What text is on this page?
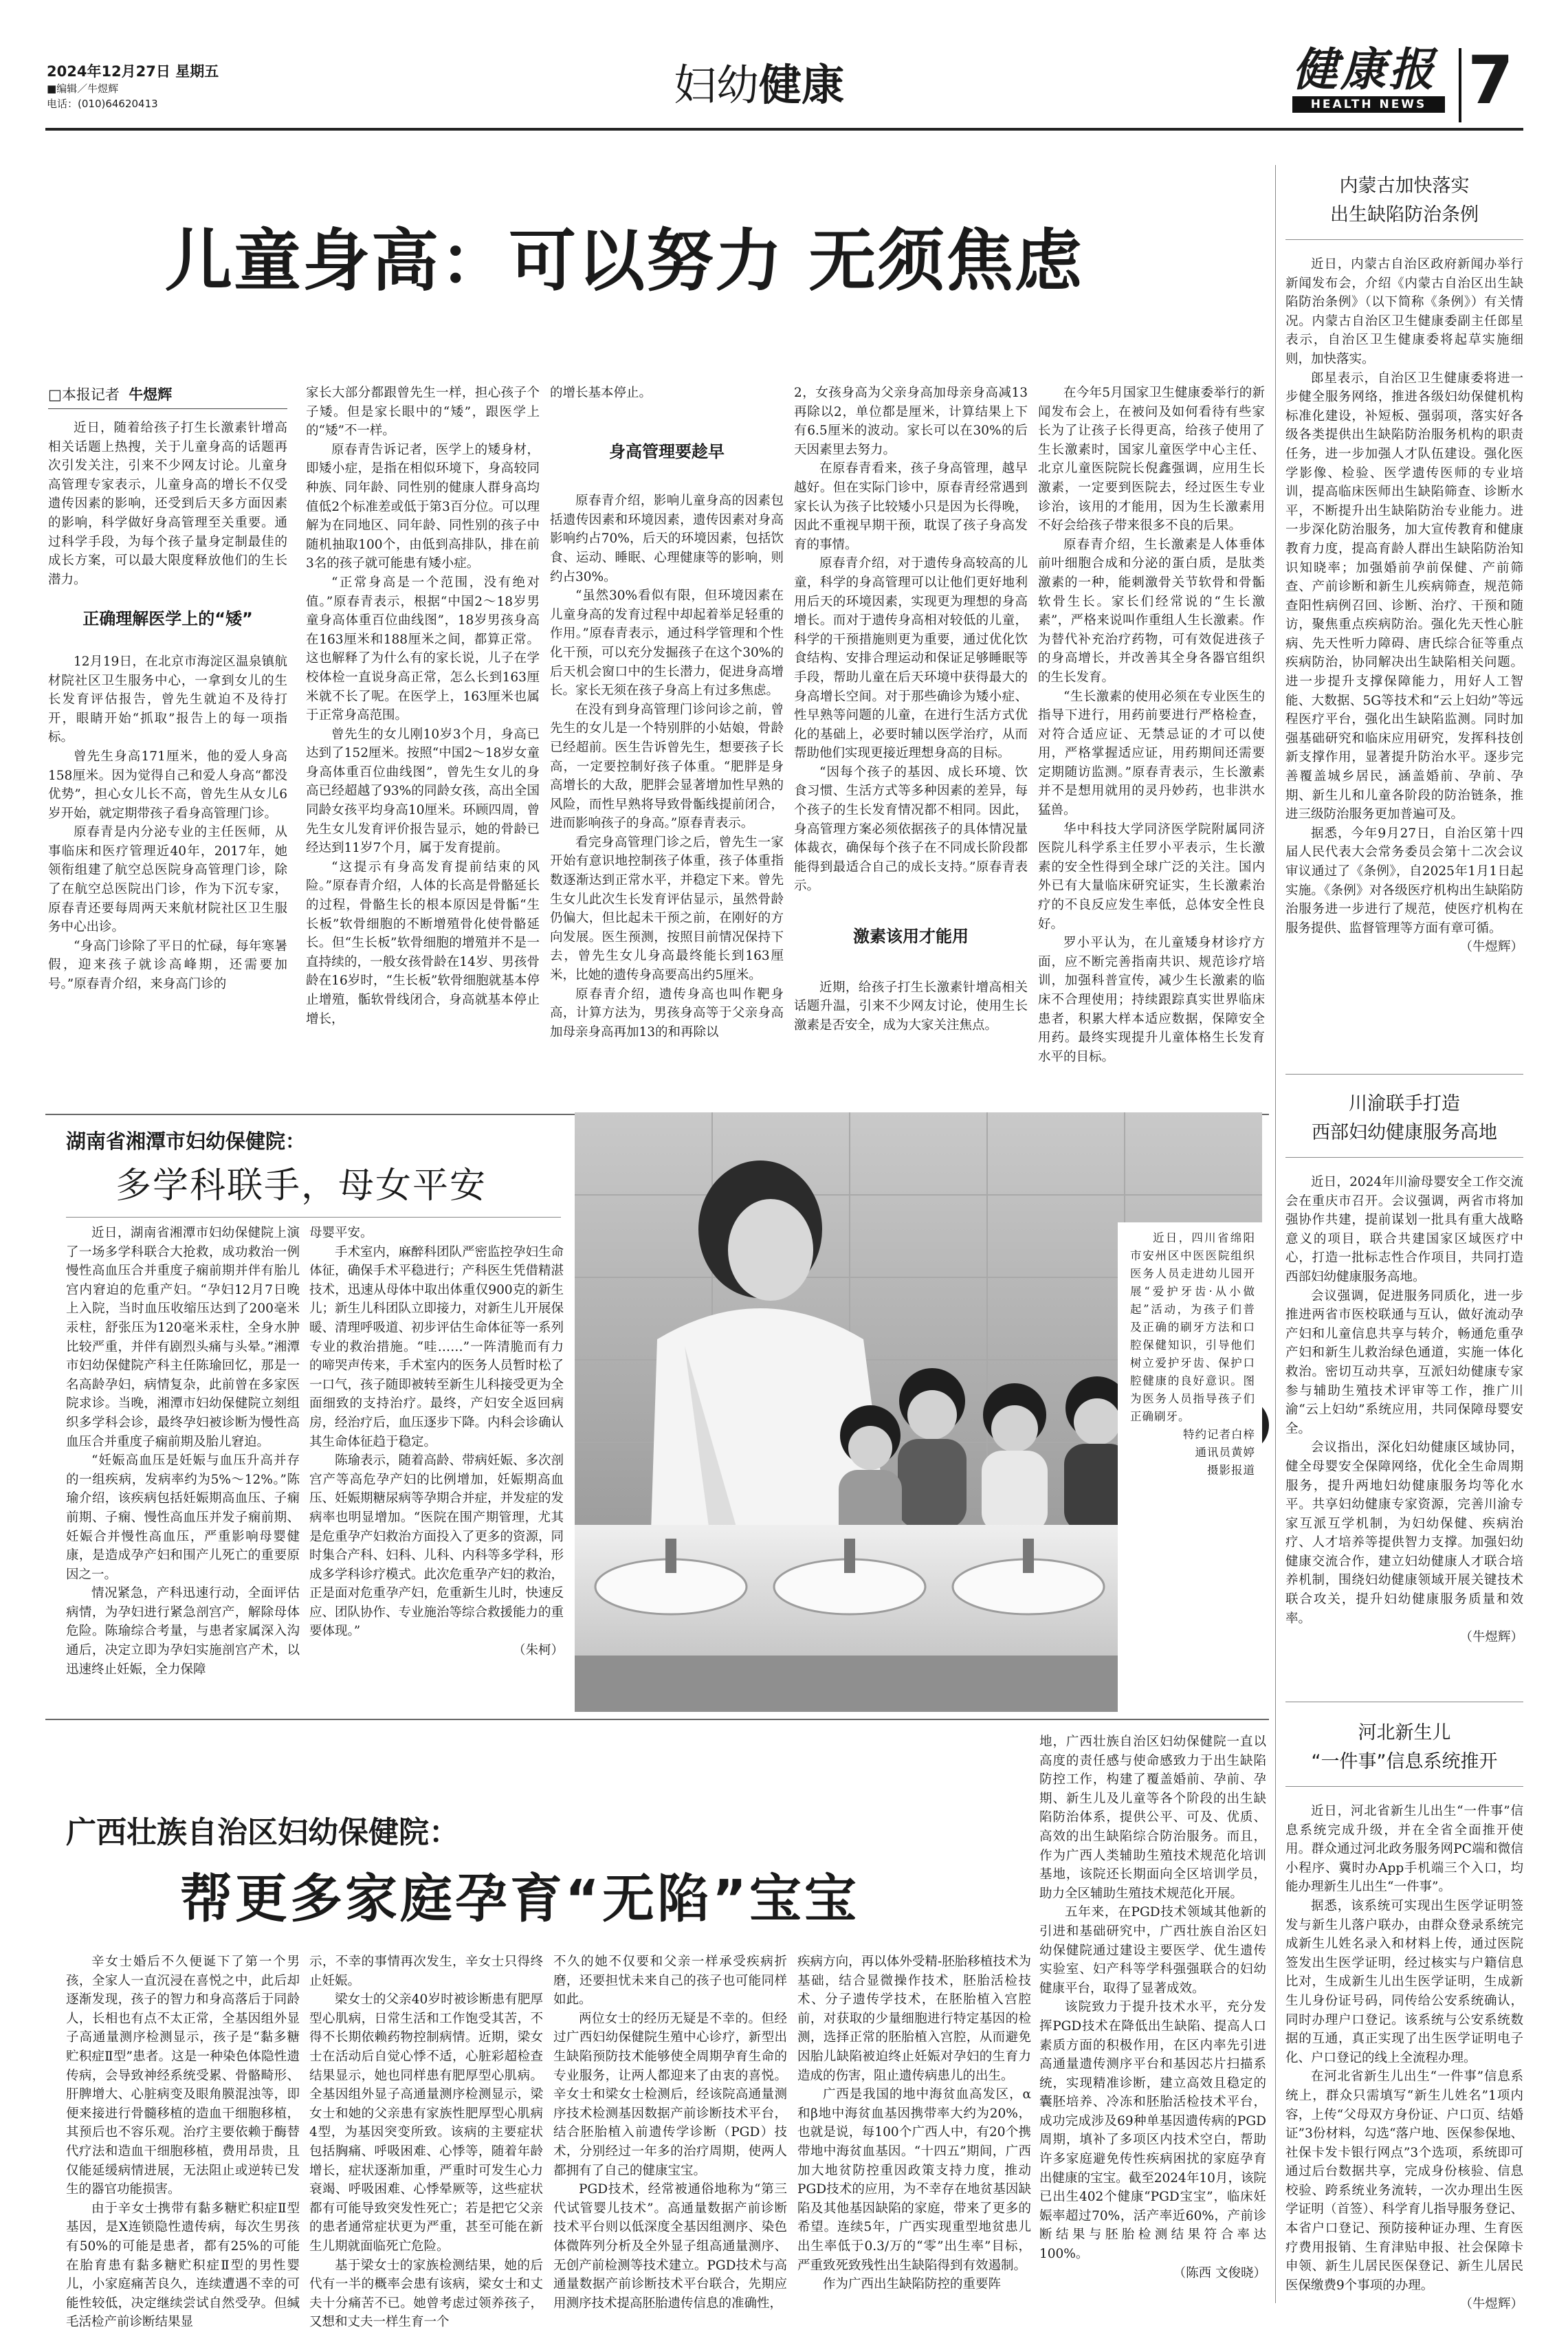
2024年12月27日 星期五
■编辑／牛煜辉
电话：(010)64620413	妇幼健康	健康报
HEALTH NEWS 7
儿童身高：可以努力 无须焦虑
□本报记者 牛煜辉

近日，随着给孩子打生长激素针增高相关话题上热搜，关于儿童身高的话题再次引发关注，引来不少网友讨论。儿童身高管理专家表示，儿童身高的增长不仅受遗传因素的影响，还受到后天多方面因素的影响，科学做好身高管理至关重要。通过科学手段，为每个孩子量身定制最佳的成长方案，可以最大限度释放他们的生长潜力。

正确理解医学上的“矮”

12月19日，在北京市海淀区温泉镇航材院社区卫生服务中心，一拿到女儿的生长发育评估报告，曾先生就迫不及待打开，眼睛开始“抓取”报告上的每一项指标。

曾先生身高171厘米，他的爱人身高158厘米。因为觉得自己和爱人身高“都没优势”，担心女儿长不高，曾先生从女儿6岁开始，就定期带孩子看身高管理门诊。

原春青是内分泌专业的主任医师，从事临床和医疗管理近40年，2017年，她领衔组建了航空总医院身高管理门诊，除了在航空总医院出门诊，作为下沉专家，原春青还要每周两天来航材院社区卫生服务中心出诊。

“身高门诊除了平日的忙碌，每年寒暑假，迎来孩子就诊高峰期，还需要加号。”原春青介绍，来身高门诊的

家长大部分都跟曾先生一样，担心孩子个子矮。但是家长眼中的“矮”，跟医学上的“矮”不一样。

原春青告诉记者，医学上的矮身材，即矮小症，是指在相似环境下，身高较同种族、同年龄、同性别的健康人群身高均值低2个标准差或低于第3百分位。可以理解为在同地区、同年龄、同性别的孩子中随机抽取100个，由低到高排队，排在前3名的孩子就可能患有矮小症。

“正常身高是一个范围，没有绝对值。”原春青表示，根据“中国2～18岁男童身高体重百位曲线图”，18岁男孩身高在163厘米和188厘米之间，都算正常。这也解释了为什么有的家长说，儿子在学校体检一直说身高正常，怎么长到163厘米就不长了呢。在医学上，163厘米也属于正常身高范围。

曾先生的女儿刚10岁3个月，身高已达到了152厘米。按照“中国2～18岁女童身高体重百位曲线图”，曾先生女儿的身高已经超越了93%的同龄女孩，高出全国同龄女孩平均身高10厘米。环顾四周，曾先生女儿发育评价报告显示，她的骨龄已经达到11岁7个月，属于发育提前。

“这提示有身高发育提前结束的风险。”原春青介绍，人体的长高是骨骼延长的过程，骨骼生长的根本原因是骨骺“生长板”软骨细胞的不断增殖骨化使骨骼延长。但“生长板”软骨细胞的增殖并不是一直持续的，一般女孩骨龄在14岁、男孩骨龄在16岁时，“生长板”软骨细胞就基本停止增殖，骺软骨线闭合，身高就基本停止增长，

的增长基本停止。

身高管理要趁早

原春青介绍，影响儿童身高的因素包括遗传因素和环境因素，遗传因素对身高影响约占70%，后天的环境因素，包括饮食、运动、睡眠、心理健康等的影响，则约占30%。

“虽然30%看似有限，但环境因素在儿童身高的发育过程中却起着举足轻重的作用。”原春青表示，通过科学管理和个性化干预，可以充分发掘孩子在这个30%的后天机会窗口中的生长潜力，促进身高增长。家长无须在孩子身高上有过多焦虑。

在没有到身高管理门诊问诊之前，曾先生的女儿是一个特别胖的小姑娘，骨龄已经超前。医生告诉曾先生，想要孩子长高，一定要控制好孩子体重。“肥胖是身高增长的大敌，肥胖会显著增加性早熟的风险，而性早熟将导致骨骺线提前闭合，进而影响孩子的身高。”原春青表示。

看完身高管理门诊之后，曾先生一家开始有意识地控制孩子体重，孩子体重指数逐渐达到正常水平，并稳定下来。曾先生女儿此次生长发育评估显示，虽然骨龄仍偏大，但比起未干预之前，在刚好的方向发展。医生预测，按照目前情况保持下去，曾先生女儿身高最终能长到163厘米，比她的遗传身高要高出约5厘米。

原春青介绍，遗传身高也叫作靶身高，计算方法为，男孩身高等于父亲身高加母亲身高再加13的和再除以

2，女孩身高为父亲身高加母亲身高减13再除以2，单位都是厘米，计算结果上下有6.5厘米的波动。家长可以在30%的后天因素里去努力。

在原春青看来，孩子身高管理，越早越好。但在实际门诊中，原春青经常遇到家长认为孩子比较矮小只是因为长得晚，因此不重视早期干预，耽误了孩子身高发育的事情。

原春青介绍，对于遗传身高较高的儿童，科学的身高管理可以让他们更好地利用后天的环境因素，实现更为理想的身高增长。而对于遗传身高相对较低的儿童，科学的干预措施则更为重要，通过优化饮食结构、安排合理运动和保证足够睡眠等手段，帮助儿童在后天环境中获得最大的身高增长空间。对于那些确诊为矮小症、性早熟等问题的儿童，在进行生活方式优化的基础上，必要时辅以医学治疗，从而帮助他们实现更接近理想身高的目标。

“因每个孩子的基因、成长环境、饮食习惯、生活方式等多种因素的差异，每个孩子的生长发育情况都不相同。因此，身高管理方案必须依据孩子的具体情况量体裁衣，确保每个孩子在不同成长阶段都能得到最适合自己的成长支持。”原春青表示。

激素该用才能用

近期，给孩子打生长激素针增高相关话题升温，引来不少网友讨论，使用生长激素是否安全，成为大家关注焦点。

在今年5月国家卫生健康委举行的新闻发布会上，在被问及如何看待有些家长为了让孩子长得更高，给孩子使用了生长激素时，国家儿童医学中心主任、北京儿童医院院长倪鑫强调，应用生长激素，一定要到医院去，经过医生专业诊治，该用的才能用，因为生长激素用不好会给孩子带来很多不良的后果。

原春青介绍，生长激素是人体垂体前叶细胞合成和分泌的蛋白质，是肽类激素的一种，能刺激骨关节软骨和骨骺软骨生长。家长们经常说的“生长激素”，严格来说叫作重组人生长激素。作为替代补充治疗药物，可有效促进孩子的身高增长，并改善其全身各器官组织的生长发育。

“生长激素的使用必须在专业医生的指导下进行，用药前要进行严格检查，对符合适应证、无禁忌证的才可以使用，严格掌握适应证，用药期间还需要定期随访监测。”原春青表示，生长激素并不是想用就用的灵丹妙药，也非洪水猛兽。

华中科技大学同济医学院附属同济医院儿科学系主任罗小平表示，生长激素的安全性得到全球广泛的关注。国内外已有大量临床研究证实，生长激素治疗的不良反应发生率低，总体安全性良好。

罗小平认为，在儿童矮身材诊疗方面，应不断完善指南共识、规范诊疗培训，加强科普宣传，减少生长激素的临床不合理使用；持续跟踪真实世界临床患者，积累大样本适应数据，保障安全用药。最终实现提升儿童体格生长发育水平的目标。

湖南省湘潭市妇幼保健院：
多学科联手，母女平安

近日，湖南省湘潭市妇幼保健院上演了一场多学科联合大抢救，成功救治一例慢性高血压合并重度子痫前期并伴有胎儿宫内窘迫的危重产妇。“孕妇12月7日晚上入院，当时血压收缩压达到了200毫米汞柱，舒张压为120毫米汞柱，全身水肿比较严重，并伴有剧烈头痛与头晕。”湘潭市妇幼保健院产科主任陈瑜回忆，那是一名高龄孕妇，病情复杂，此前曾在多家医院求诊。当晚，湘潭市妇幼保健院立刻组织多学科会诊，最终孕妇被诊断为慢性高血压合并重度子痫前期及胎儿窘迫。

“妊娠高血压是妊娠与血压升高并存的一组疾病，发病率约为5%～12%。”陈瑜介绍，该疾病包括妊娠期高血压、子痫前期、子痫、慢性高血压并发子痫前期、妊娠合并慢性高血压，严重影响母婴健康，是造成孕产妇和围产儿死亡的重要原因之一。

情况紧急，产科迅速行动，全面评估病情，为孕妇进行紧急剖宫产，解除母体危险。陈瑜综合考量，与患者家属深入沟通后，决定立即为孕妇实施剖宫产术，以迅速终止妊娠，全力保障

母婴平安。

手术室内，麻醉科团队严密监控孕妇生命体征，确保手术平稳进行；产科医生凭借精湛技术，迅速从母体中取出体重仅900克的新生儿；新生儿科团队立即接力，对新生儿开展保暖、清理呼吸道、初步评估生命体征等一系列专业的救治措施。“哇……”一阵清脆而有力的啼哭声传来，手术室内的医务人员暂时松了一口气，孩子随即被转至新生儿科接受更为全面细致的支持治疗。最终，产妇安全返回病房，经治疗后，血压逐步下降。内科会诊确认其生命体征趋于稳定。

陈瑜表示，随着高龄、带病妊娠、多次剖宫产等高危孕产妇的比例增加，妊娠期高血压、妊娠期糖尿病等孕期合并症，并发症的发病率也明显增加。“医院在围产期管理，尤其是危重孕产妇救治方面投入了更多的资源，同时集合产科、妇科、儿科、内科等多学科，形成多学科诊疗模式。此次危重孕产妇的救治，正是面对危重孕产妇，危重新生儿时，快速反应、团队协作、专业施治等综合救援能力的重要体现。”

（朱柯）
近日，四川省绵阳市安州区中医医院组织医务人员走进幼儿园开展“爱护牙齿·从小做起”活动，为孩子们普及正确的刷牙方法和口腔保健知识，引导他们树立爱护牙齿、保护口腔健康的良好意识。图为医务人员指导孩子们正确刷牙。
特约记者白梓
通讯员黄婷
摄影报道
广西壮族自治区妇幼保健院：
帮更多家庭孕育“无陷”宝宝

辛女士婚后不久便诞下了第一个男孩，全家人一直沉浸在喜悦之中，此后却逐渐发现，孩子的智力和身高落后于同龄人，长相也有点不太正常，全基因组外显子高通量测序检测显示，孩子是“黏多糖贮积症Ⅱ型”患者。这是一种染色体隐性遗传病，会导致神经系统受累、骨骼畸形、肝脾增大、心脏病变及眼角膜混浊等，即便来接进行骨髓移植的造血干细胞移植，其预后也不容乐观。治疗主要依赖于酶替代疗法和造血干细胞移植，费用昂贵，且仅能延缓病情进展，无法阻止或逆转已发生的器官功能损害。

由于辛女士携带有黏多糖贮积症Ⅱ型基因，是X连锁隐性遗传病，每次生男孩有50%的可能是患者，都有25%的可能在胎育患有黏多糖贮积症Ⅱ型的男性婴儿，小家庭痛苦良久，连续遭遇不幸的可能性较低，决定继续尝试自然受孕。但缄毛活检产前诊断结果显

示，不幸的事情再次发生，辛女士只得终止妊娠。

梁女士的父亲40岁时被诊断患有肥厚型心肌病，日常生活和工作饱受其苦，不得不长期依赖药物控制病情。近期，梁女士在活动后自觉心悸不适，心脏彩超检查结果显示，她也同样患有肥厚型心肌病。全基因组外显子高通量测序检测显示，梁女士和她的父亲患有家族性肥厚型心肌病4型，为基因突变所致。该病的主要症状包括胸痛、呼吸困难、心悸等，随着年龄增长，症状逐渐加重，严重时可发生心力衰竭、呼吸困难、心悸晕厥等，这些症状都有可能导致突发性死亡；若是把它父亲的患者通常症状更为严重，甚至可能在新生儿期就面临死亡危险。

基于梁女士的家族检测结果，她的后代有一半的概率会患有该病，梁女士和丈夫十分痛苦不已。她曾考虑过领养孩子，又想和丈夫一样生育一个

不久的她不仅要和父亲一样承受疾病折磨，还要担忧未来自己的孩子也可能同样如此。

两位女士的经历无疑是不幸的。但经过广西妇幼保健院生殖中心诊疗，新型出生缺陷预防技术能够使全周期孕育生命的专业服务，让两人都迎来了由衷的喜悦。辛女士和梁女士检测后，经该院高通量测序技术检测基因数据产前诊断技术平台，结合胚胎植入前遗传学诊断（PGD）技术，分别经过一年多的治疗周期，使两人都拥有了自己的健康宝宝。

PGD技术，经常被通俗地称为“第三代试管婴儿技术”。高通量数据产前诊断技术平台则以低深度全基因组测序、染色体微阵列分析及全外显子组高通量测序、无创产前检测等技术建立。PGD技术与高通量数据产前诊断技术平台联合，先期应用测序技术提高胚胎遗传信息的准确性，

疾病方向，再以体外受精-胚胎移植技术为基础，结合显微操作技术，胚胎活检技术、分子遗传学技术，在胚胎植入宫腔前，对获取的少量细胞进行特定基因的检测，选择正常的胚胎植入宫腔，从而避免因胎儿缺陷被迫终止妊娠对孕妇的生育力造成的伤害，阻止遗传病患儿的出生。

广西是我国的地中海贫血高发区，α和β地中海贫血基因携带率大约为20%，也就是说，每100个广西人中，有20个携带地中海贫血基因。“十四五”期间，广西加大地贫防控重因政策支持力度，推动PGD技术的应用，为不幸存在地贫基因缺陷及其他基因缺陷的家庭，带来了更多的希望。连续5年，广西实现重型地贫患儿出生率低于0.3/万的“零”出生率”目标，严重致死致残性出生缺陷得到有效遏制。

作为广西出生缺陷防控的重要阵

地，广西壮族自治区妇幼保健院一直以高度的责任感与使命感致力于出生缺陷防控工作，构建了覆盖婚前、孕前、孕期、新生儿及儿童等各个阶段的出生缺陷防治体系，提供公平、可及、优质、高效的出生缺陷综合防治服务。而且，作为广西人类辅助生殖技术规范化培训基地，该院还长期面向全区培训学员，助力全区辅助生殖技术规范化开展。

五年来，在PGD技术领域其他新的引进和基础研究中，广西壮族自治区妇幼保健院通过建设主要医学、优生遗传实验室、妇产科等学科强强联合的妇幼健康平台，取得了显著成效。

该院致力于提升技术水平，充分发挥PGD技术在降低出生缺陷、提高人口素质方面的积极作用，在区内率先引进高通量遗传测序平台和基因芯片扫描系统，实现精准诊断，建立高效且稳定的囊胚培养、冷冻和胚胎活检技术平台，成功完成涉及69种单基因遗传病的PGD周期，填补了多项区内技术空白，帮助许多家庭避免传性疾病困扰的家庭孕育出健康的宝宝。截至2024年10月，该院已出生402个健康“PGD宝宝”，临床妊娠率超过70%，活产率近60%，产前诊断结果与胚胎检测结果符合率达100%。

（陈西 文俊晓）
内蒙古加快落实
出生缺陷防治条例

近日，内蒙古自治区政府新闻办举行新闻发布会，介绍《内蒙古自治区出生缺陷防治条例》（以下简称《条例》）有关情况。内蒙古自治区卫生健康委副主任郎星表示，自治区卫生健康委将起草实施细则，加快落实。

郎星表示，自治区卫生健康委将进一步健全服务网络，推进各级妇幼保健机构标准化建设，补短板、强弱项，落实好各级各类提供出生缺陷防治服务机构的职责任务，进一步加强人才队伍建设。强化医学影像、检验、医学遗传医师的专业培训，提高临床医师出生缺陷筛查、诊断水平，不断提升出生缺陷防治专业能力。进一步深化防治服务，加大宣传教育和健康教育力度，提高育龄人群出生缺陷防治知识知晓率；加强婚前孕前保健、产前筛查、产前诊断和新生儿疾病筛查，规范筛查阳性病例召回、诊断、治疗、干预和随访，聚焦重点疾病防治。强化先天性心脏病、先天性听力障碍、唐氏综合征等重点疾病防治，协同解决出生缺陷相关问题。进一步提升支撑保障能力，用好人工智能、大数据、5G等技术和“云上妇幼”等远程医疗平台，强化出生缺陷监测。同时加强基础研究和临床应用研究，发挥科技创新支撑作用，显著提升防治水平。逐步完善覆盖城乡居民，涵盖婚前、孕前、孕期、新生儿和儿童各阶段的防治链条，推进三级防治服务更加普遍可及。

据悉，今年9月27日，自治区第十四届人民代表大会常务委员会第十二次会议审议通过了《条例》，自2025年1月1日起实施。《条例》对各级医疗机构出生缺陷防治服务进一步进行了规范，使医疗机构在服务提供、监督管理等方面有章可循。

（牛煜辉）
川渝联手打造
西部妇幼健康服务高地

近日，2024年川渝母婴安全工作交流会在重庆市召开。会议强调，两省市将加强协作共建，提前谋划一批具有重大战略意义的项目，联合共建国家区域医疗中心，打造一批标志性合作项目，共同打造西部妇幼健康服务高地。

会议强调，促进服务同质化，进一步推进两省市医校联通与互认，做好流动孕产妇和儿童信息共享与转介，畅通危重孕产妇和新生儿救治绿色通道，实施一体化救治。密切互动共享，互派妇幼健康专家参与辅助生殖技术评审等工作，推广川渝“云上妇幼”系统应用，共同保障母婴安全。

会议指出，深化妇幼健康区域协同，健全母婴安全保障网络，优化全生命周期服务，提升两地妇幼健康服务均等化水平。共享妇幼健康专家资源，完善川渝专家互派互学机制，为妇幼保健、疾病治疗、人才培养等提供智力支撑。加强妇幼健康交流合作，建立妇幼健康人才联合培养机制，围绕妇幼健康领域开展关键技术联合攻关，提升妇幼健康服务质量和效率。

（牛煜辉）
河北新生儿
“一件事”信息系统推开

近日，河北省新生儿出生“一件事”信息系统完成升级，并在全省全面推开使用。群众通过河北政务服务网PC端和微信小程序、冀时办App手机端三个入口，均能办理新生儿出生“一件事”。

据悉，该系统可实现出生医学证明签发与新生儿落户联办，由群众登录系统完成新生儿姓名录入和材料上传，通过医院签发出生医学证明，经过核实与户籍信息比对，生成新生儿出生医学证明，生成新生儿身份证号码，同传给公安系统确认，同时办理户口登记。该系统与公安系统数据的互通，真正实现了出生医学证明电子化、户口登记的线上全流程办理。

在河北省新生儿出生“一件事”信息系统上，群众只需填写“新生儿姓名”1项内容，上传“父母双方身份证、户口页、结婚证”3份材料，勾选“落户地、医保参保地、社保卡发卡银行网点”3个选项，系统即可通过后台数据共享，完成身份核验、信息校验、跨系统业务流转，一次办理出生医学证明（首签）、科学育儿指导服务登记、本省户口登记、预防接种证办理、生育医疗费用报销、生育津贴申报、社会保障卡申领、新生儿居民医保登记、新生儿居民医保缴费9个事项的办理。

（牛煜辉）
